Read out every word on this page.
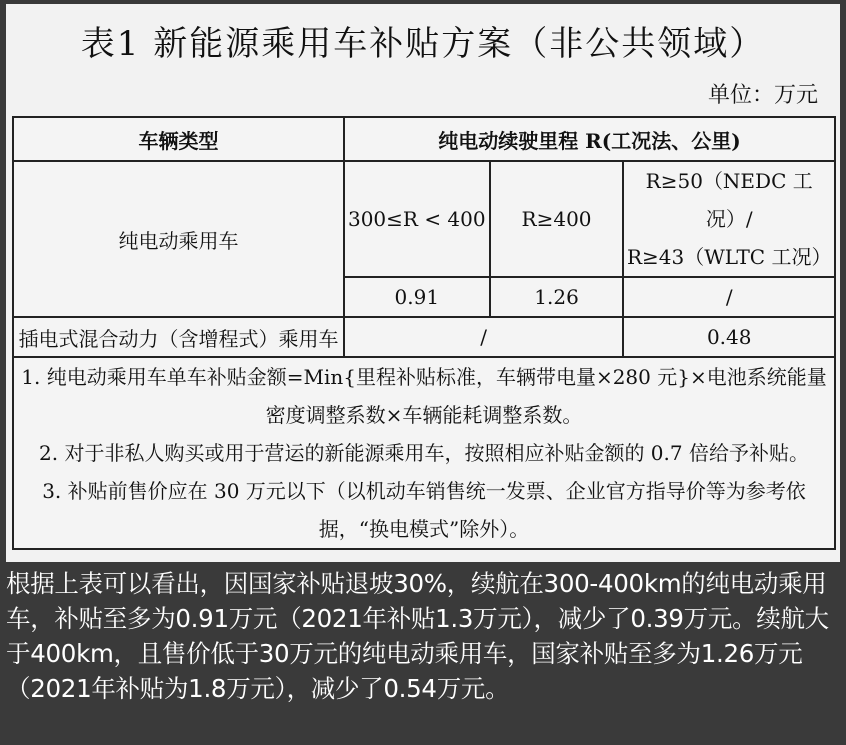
表1 新能源乘用车补贴方案（非公共领域）
单位：万元
车辆类型	纯电动续驶里程 R(工况法、公里)		
纯电动乘用车	300≤R < 400	R≥400	R≥50（NEDC 工况）/
R≥43（WLTC 工况）

	0.91	1.26	/
插电式混合动力（含增程式）乘用车	/		0.48

1. 纯电动乘用车单车补贴金额=Min{里程补贴标准，车辆带电量×280 元}×电池系统能量密度调整系数×车辆能耗调整系数。

2. 对于非私人购买或用于营运的新能源乘用车，按照相应补贴金额的 0.7 倍给予补贴。

3. 补贴前售价应在 30 万元以下（以机动车销售统一发票、企业官方指导价等为参考依据，“换电模式”除外）。			

根据上表可以看出，因国家补贴退坡30%，续航在300-400km的纯电动乘用车，补贴至多为0.91万元（2021年补贴1.3万元），减少了0.39万元。续航大于400km，且售价低于30万元的纯电动乘用车，国家补贴至多为1.26万元（2021年补贴为1.8万元），减少了0.54万元。
